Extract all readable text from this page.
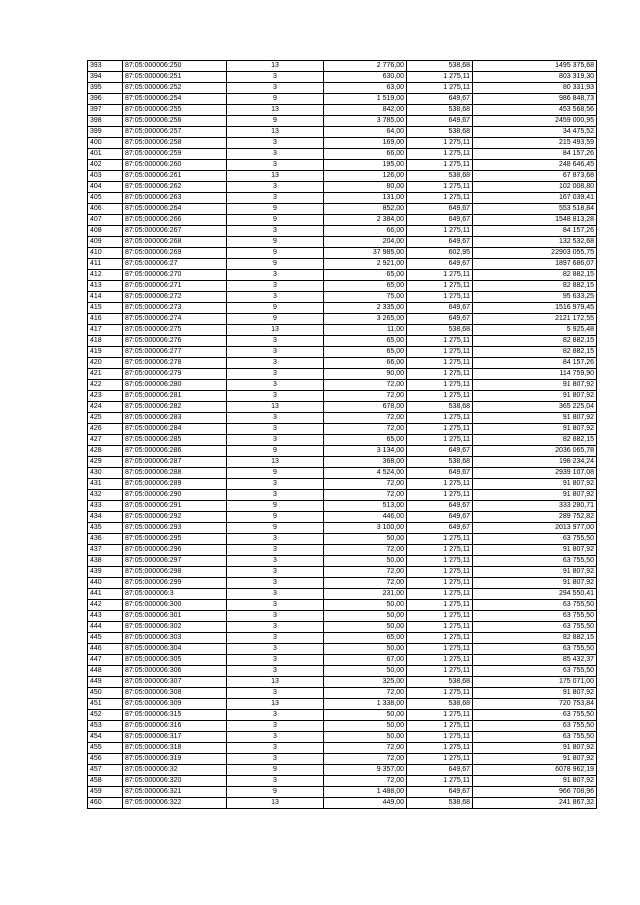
393	87:05:000006:250	13	2 776,00	538,68	1495 375,68
394	87:05:000006:251	3	630,00	1 275,11	803 319,30
395	87:05:000006:252	3	63,00	1 275,11	80 331,93
396	87:05:000006:254	9	1 519,00	649,67	986 848,73
397	87:05:000006:255	13	842,00	538,68	453 568,56
398	87:05:000006:256	9	3 785,00	649,67	2459 000,95
399	87:05:000006:257	13	64,00	538,68	34 475,52
400	87:05:000006:258	3	169,00	1 275,11	215 493,59
401	87:05:000006:259	3	66,00	1 275,11	84 157,26
402	87:05:000006:260	3	195,00	1 275,11	248 646,45
403	87:05:000006:261	13	126,00	538,68	67 873,68
404	87:05:000006:262	3	80,00	1 275,11	102 008,80
405	87:05:000006:263	3	131,00	1 275,11	167 039,41
406	87:05:000006:264	9	852,00	649,67	553 518,84
407	87:05:000006:266	9	2 384,00	649,67	1548 813,28
408	87:05:000006:267	3	66,00	1 275,11	84 157,26
409	87:05:000006:268	9	204,00	649,67	132 532,68
410	87:05:000006:269	9	37 985,00	602,95	22903 055,75
411	87:05:000006:27	9	2 921,00	649,67	1897 686,07
412	87:05:000006:270	3	65,00	1 275,11	82 882,15
413	87:05:000006:271	3	65,00	1 275,11	82 882,15
414	87:05:000006:272	3	75,00	1 275,11	95 633,25
415	87:05:000006:273	9	2 335,00	649,67	1516 979,45
416	87:05:000006:274	9	3 265,00	649,67	2121 172,55
417	87:05:000006:275	13	11,00	538,68	5 925,48
418	87:05:000006:276	3	65,00	1 275,11	82 882,15
419	87:05:000006:277	3	65,00	1 275,11	82 882,15
420	87:05:000006:278	3	66,00	1 275,11	84 157,26
421	87:05:000006:279	3	90,00	1 275,11	114 759,90
422	87:05:000006:280	3	72,00	1 275,11	91 807,92
423	87:05:000006:281	3	72,00	1 275,11	91 807,92
424	87:05:000006:282	13	678,00	538,68	365 225,04
425	87:05:000006:283	3	72,00	1 275,11	91 807,92
426	87:05:000006:284	3	72,00	1 275,11	91 807,92
427	87:05:000006:285	3	65,00	1 275,11	82 882,15
428	87:05:000006:286	9	3 134,00	649,67	2036 065,78
429	87:05:000006:287	13	368,00	538,68	198 234,24
430	87:05:000006:288	9	4 524,00	649,67	2939 107,08
431	87:05:000006:289	3	72,00	1 275,11	91 807,92
432	87:05:000006:290	3	72,00	1 275,11	91 807,92
433	87:05:000006:291	9	513,00	649,67	333 280,71
434	87:05:000006:292	9	446,00	649,67	289 752,82
435	87:05:000006:293	9	3 100,00	649,67	2013 977,00
436	87:05:000006:295	3	50,00	1 275,11	63 755,50
437	87:05:000006:296	3	72,00	1 275,11	91 807,92
438	87:05:000006:297	3	50,00	1 275,11	63 755,50
439	87:05:000006:298	3	72,00	1 275,11	91 807,92
440	87:05:000006:299	3	72,00	1 275,11	91 807,92
441	87:05:000006:3	3	231,00	1 275,11	294 550,41
442	87:05:000006:300	3	50,00	1 275,11	63 755,50
443	87:05:000006:301	3	50,00	1 275,11	63 755,50
444	87:05:000006:302	3	50,00	1 275,11	63 755,50
445	87:05:000006:303	3	65,00	1 275,11	82 882,15
446	87:05:000006:304	3	50,00	1 275,11	63 755,50
447	87:05:000006:305	3	67,00	1 275,11	85 432,37
448	87:05:000006:306	3	50,00	1 275,11	63 755,50
449	87:05:000006:307	13	325,00	538,68	175 071,00
450	87:05:000006:308	3	72,00	1 275,11	91 807,92
451	87:05:000006:309	13	1 338,00	538,68	720 753,84
452	87:05:000006:315	3	50,00	1 275,11	63 755,50
453	87:05:000006:316	3	50,00	1 275,11	63 755,50
454	87:05:000006:317	3	50,00	1 275,11	63 755,50
455	87:05:000006:318	3	72,00	1 275,11	91 807,92
456	87:05:000006:319	3	72,00	1 275,11	91 807,92
457	87:05:000006:32	9	9 357,00	649,67	6078 962,19
458	87:05:000006:320	3	72,00	1 275,11	91 807,92
459	87:05:000006:321	9	1 488,00	649,67	966 708,96
460	87:05:000006:322	13	449,00	538,68	241 867,32
